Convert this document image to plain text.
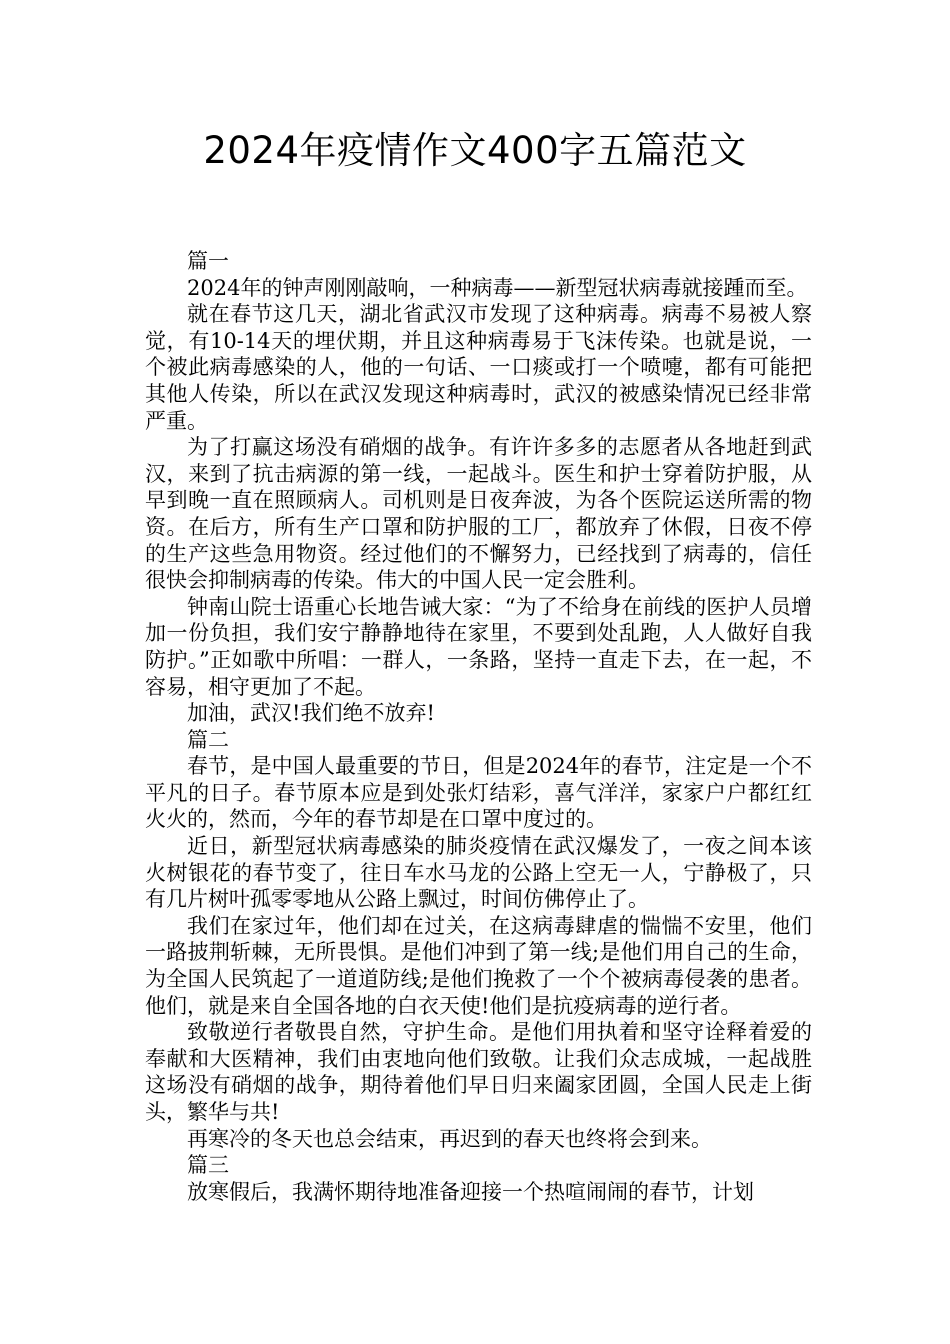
2024年疫情作文400字五篇范文

篇一

2024年的钟声刚刚敲响，一种病毒——新型冠状病毒就接踵而至。

就在春节这几天，湖北省武汉市发现了这种病毒。病毒不易被人察觉，有10-14天的埋伏期，并且这种病毒易于飞沫传染。也就是说，一个被此病毒感染的人，他的一句话、一口痰或打一个喷嚏，都有可能把其他人传染，所以在武汉发现这种病毒时，武汉的被感染情况已经非常严重。

为了打赢这场没有硝烟的战争。有许许多多的志愿者从各地赶到武汉，来到了抗击病源的第一线，一起战斗。医生和护士穿着防护服，从早到晚一直在照顾病人。司机则是日夜奔波，为各个医院运送所需的物资。在后方，所有生产口罩和防护服的工厂，都放弃了休假，日夜不停的生产这些急用物资。经过他们的不懈努力，已经找到了病毒的，信任很快会抑制病毒的传染。伟大的中国人民一定会胜利。

钟南山院士语重心长地告诫大家：“为了不给身在前线的医护人员增加一份负担，我们安宁静静地待在家里，不要到处乱跑，人人做好自我防护。”正如歌中所唱：一群人，一条路，坚持一直走下去，在一起，不容易，相守更加了不起。

加油，武汉!我们绝不放弃!

篇二

春节，是中国人最重要的节日，但是2024年的春节，注定是一个不平凡的日子。春节原本应是到处张灯结彩，喜气洋洋，家家户户都红红火火的，然而，今年的春节却是在口罩中度过的。

近日，新型冠状病毒感染的肺炎疫情在武汉爆发了，一夜之间本该火树银花的春节变了，往日车水马龙的公路上空无一人，宁静极了，只有几片树叶孤零零地从公路上飘过，时间仿佛停止了。

我们在家过年，他们却在过关，在这病毒肆虐的惴惴不安里，他们一路披荆斩棘，无所畏惧。是他们冲到了第一线;是他们用自己的生命，为全国人民筑起了一道道防线;是他们挽救了一个个被病毒侵袭的患者。他们，就是来自全国各地的白衣天使!他们是抗疫病毒的逆行者。

致敬逆行者敬畏自然，守护生命。是他们用执着和坚守诠释着爱的奉献和大医精神，我们由衷地向他们致敬。让我们众志成城，一起战胜这场没有硝烟的战争，期待着他们早日归来阖家团圆，全国人民走上街头，繁华与共!

再寒冷的冬天也总会结束，再迟到的春天也终将会到来。

篇三

放寒假后，我满怀期待地准备迎接一个热喧闹闹的春节，计划
